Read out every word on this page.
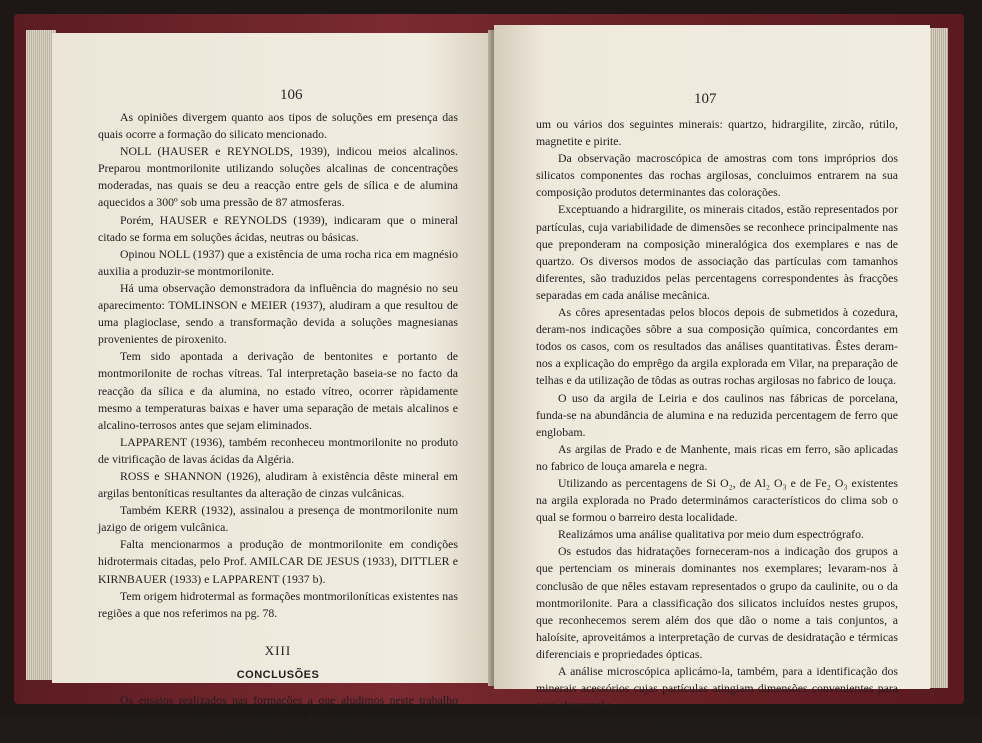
106

As opiniões divergem quanto aos tipos de soluções em presença das quais ocorre a formação do silicato mencionado.

NOLL (HAUSER e REYNOLDS, 1939), indicou meios alcalinos. Preparou montmorilonite utilizando soluções alcalinas de concentrações moderadas, nas quais se deu a reacção entre gels de sílica e de alumina aquecidos a 300º sob uma pressão de 87 atmosferas.

Porém, HAUSER e REYNOLDS (1939), indicaram que o mineral citado se forma em soluções ácidas, neutras ou básicas.

Opinou NOLL (1937) que a existência de uma rocha rica em magnésio auxilia a produzir-se montmorilonite.

Há uma observação demonstradora da influência do magnésio no seu aparecimento: TOMLINSON e MEIER (1937), aludiram a que resultou de uma plagioclase, sendo a transformação devida a soluções magnesianas provenientes de piroxenito.

Tem sido apontada a derivação de bentonites e portanto de montmorilonite de rochas vítreas. Tal interpretação baseia-se no facto da reacção da sílica e da alumina, no estado vítreo, ocorrer ràpidamente mesmo a temperaturas baixas e haver uma separação de metais alcalinos e alcalino-terrosos antes que sejam eliminados.

LAPPARENT (1936), também reconheceu montmorilonite no produto de vitrificação de lavas ácidas da Algéria.

ROSS e SHANNON (1926), aludiram à existência dêste mineral em argilas bentoníticas resultantes da alteração de cinzas vulcânicas.

Também KERR (1932), assinalou a presença de montmorilonite num jazigo de origem vulcânica.

Falta mencionarmos a produção de montmorilonite em condições hidrotermais citadas, pelo Prof. AMILCAR DE JESUS (1933), DITTLER e KIRNBAUER (1933) e LAPPARENT (1937 b).

Tem origem hidrotermal as formações montmoriloníticas existentes nas regiões a que nos referimos na pg. 78.

XIII
CONCLUSÕES

Os ensaios realizados nas formações a que aludimos neste trabalho permitiram-nos verificar que elas são formadas essencialmente por haloísite, caulinite ou montmorilonite. Contêm também

107

um ou vários dos seguintes minerais: quartzo, hidrargilite, zircão, rútilo, magnetite e pirite.

Da observação macroscópica de amostras com tons impróprios dos silicatos componentes das rochas argilosas, concluimos entrarem na sua composição produtos determinantes das colorações.

Exceptuando a hidrargilite, os minerais citados, estão representados por partículas, cuja variabilidade de dimensões se reconhece principalmente nas que preponderam na composição mineralógica dos exemplares e nas de quartzo. Os diversos modos de associação das partículas com tamanhos diferentes, são traduzidos pelas percentagens correspondentes às fracções separadas em cada análise mecânica.

As côres apresentadas pelos blocos depois de submetidos à cozedura, deram-nos indicações sôbre a sua composição química, concordantes em todos os casos, com os resultados das análises quantitativas. Êstes deram-nos a explicação do emprêgo da argila explorada em Vilar, na preparação de telhas e da utilização de tôdas as outras rochas argilosas no fabrico de louça.

O uso da argila de Leiria e dos caulinos nas fábricas de porcelana, funda-se na abundância de alumina e na reduzida percentagem de ferro que englobam.

As argilas de Prado e de Manhente, mais ricas em ferro, são aplicadas no fabrico de louça amarela e negra.

Utilizando as percentagens de Si O₂, de Al₂ O₃ e de Fe₂ O₃ existentes na argila explorada no Prado determinámos característicos do clima sob o qual se formou o barreiro desta localidade.

Realizámos uma análise qualitativa por meio dum espectrógrafo.

Os estudos das hidratações forneceram-nos a indicação dos grupos a que pertenciam os minerais dominantes nos exemplares; levaram-nos à conclusão de que nêles estavam representados o grupo da caulinite, ou o da montmorilonite. Para a classificação dos silicatos incluídos nestes grupos, que reconhecemos serem além dos que dão o nome a tais conjuntos, a haloísite, aproveitámos a interpretação de curvas de desidratação e térmicas diferenciais e propriedades ópticas.

A análise microscópica aplicámo-la, também, para a identificação dos minerais acessórios cujas partículas atingiam dimensões convenientes para essa observação.

Passamos a expor as características ópticas dos minerais clas-
